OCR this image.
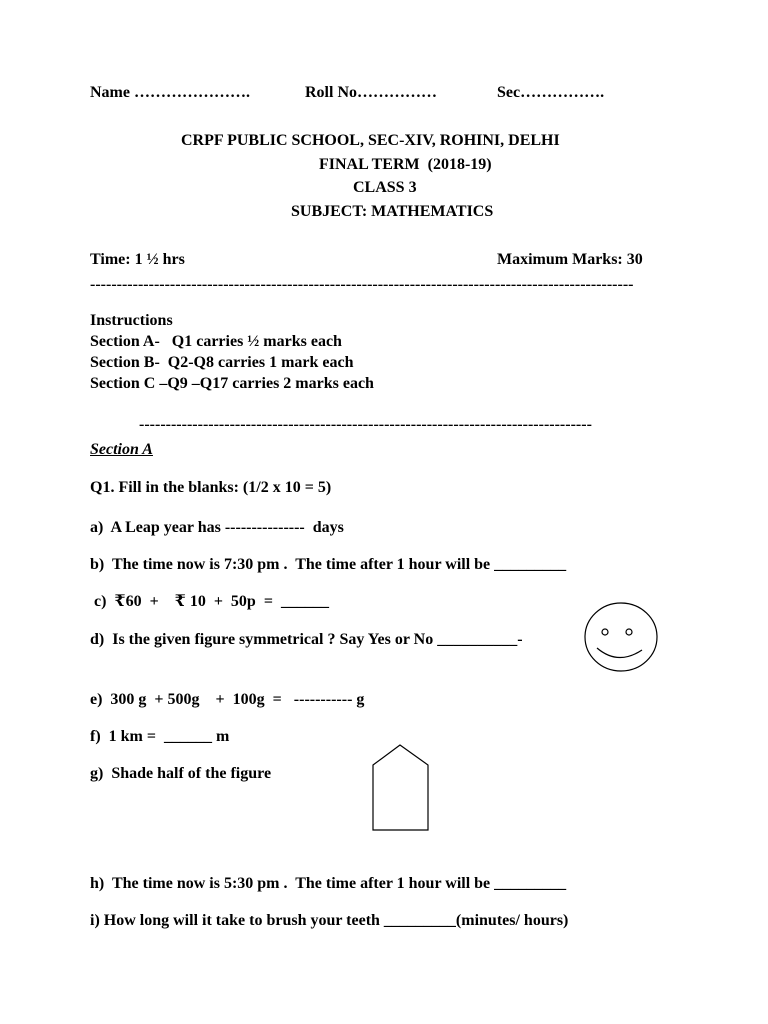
Name ………………….	Roll No……………	Sec…………….
CRPF PUBLIC SCHOOL, SEC-XIV, ROHINI, DELHI
FINAL TERM  (2018-19)
CLASS 3
SUBJECT: MATHEMATICS
Time: 1 ½ hrs	Maximum Marks: 30
------------------------------------------------------------------------------------------------------
Instructions
Section A-   Q1 carries ½ marks each
Section B-  Q2-Q8 carries 1 mark each
Section C –Q9 –Q17 carries 2 marks each
-------------------------------------------------------------------------------------
Section A
Q1. Fill in the blanks: (1/2 x 10 = 5)
a)  A Leap year has ---------------  days
b)  The time now is 7:30 pm .  The time after 1 hour will be _________
c)  ₹60  +    ₹ 10  +  50p  =  ______
d)  Is the given figure symmetrical ? Say Yes or No __________-
e)  300 g  + 500g    +  100g  =   ----------- g
f)  1 km =  ______ m
g)  Shade half of the figure
h)  The time now is 5:30 pm .  The time after 1 hour will be _________
i) How long will it take to brush your teeth _________(minutes/ hours)
